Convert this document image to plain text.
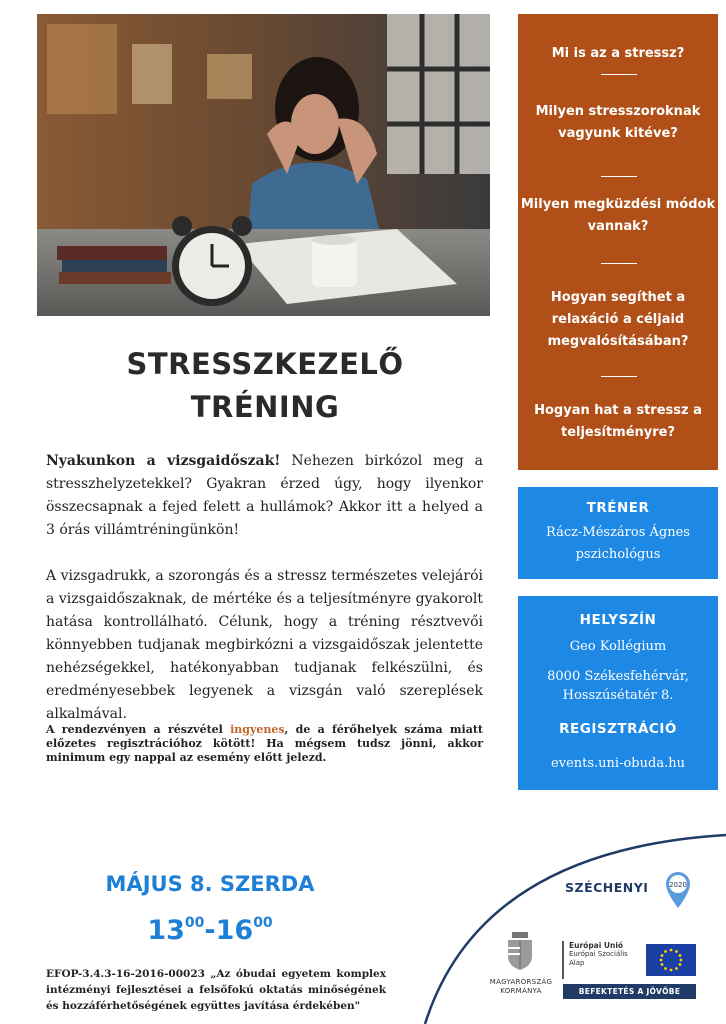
STRESSZKEZELŐ
TRÉNING

Nyakunkon a vizsgaidőszak! Nehezen birkózol meg a stresszhelyzetekkel? Gyakran érzed úgy, hogy ilyenkor összecsapnak a fejed felett a hullámok? Akkor itt a helyed a 3 órás villámtréningünkön!

A vizsgadrukk, a szorongás és a stressz természetes velejárói a vizsgaidőszaknak, de mértéke és a teljesítményre gyakorolt hatása kontrollálható. Célunk, hogy a tréning résztvevői könnyebben tudjanak megbirkózni a vizsgaidőszak jelentette nehézségekkel, hatékonyabban tudjanak felkészülni, és eredményesebbek legyenek a vizsgán való szereplések alkalmával.

A rendezvényen a részvétel ingyenes, de a férőhelyek száma miatt előzetes regisztrációhoz kötött! Ha mégsem tudsz jönni, akkor minimum egy nappal az esemény előtt jelezd.
Mi is az a stressz?
Milyen stresszoroknak vagyunk kitéve?
Milyen megküzdési módok vannak?
Hogyan segíthet a relaxáció a céljaid megvalósításában?
Hogyan hat a stressz a teljesítményre?
TRÉNER
Rácz-Mészáros Ágnes
pszichológus
HELYSZÍN
Geo Kollégium
8000 Székesfehérvár,
Hosszúsétatér 8.
REGISZTRÁCIÓ
events.uni-obuda.hu
MÁJUS 8. SZERDA
$13^{00}-16^{00}$
EFOP-3.4.3-16-2016-00023 „Az óbudai egyetem komplex intézményi fejlesztései a felsőfokú oktatás minőségének és hozzáférhetőségének együttes javítása érdekében"
SZÉCHENYI	2020
MAGYARORSZÁG
KORMÁNYA
Európai Unió
Európai Szociális
Alap
BEFEKTETÉS A JÖVŐBE
